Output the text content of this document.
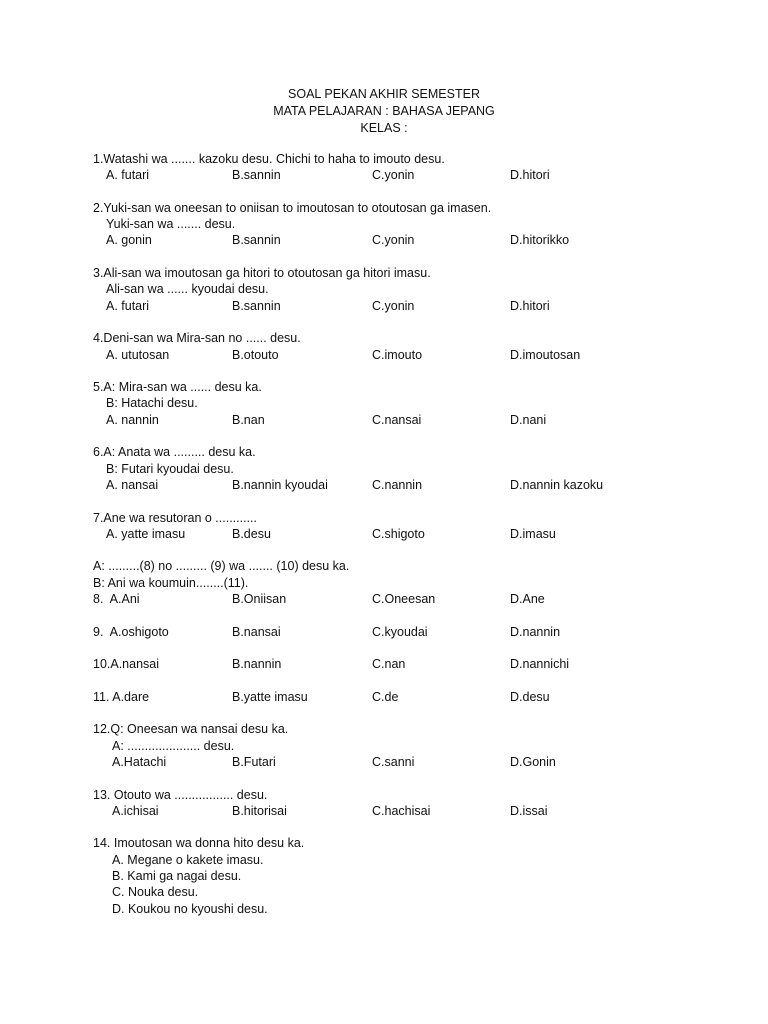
SOAL PEKAN AKHIR SEMESTER
MATA PELAJARAN : BAHASA JEPANG
KELAS :
1.Watashi wa ....... kazoku desu. Chichi to haha to imouto desu.

A. futari

	B.sannin

	C.yonin

	D.hitori

2.Yuki-san wa oneesan to oniisan to imoutosan to otoutosan ga imasen.
Yuki-san wa ....... desu.

A. gonin

	B.sannin

	C.yonin

	D.hitorikko

3.Ali-san wa imoutosan ga hitori to otoutosan ga hitori imasu.
Ali-san wa ...... kyoudai desu.

A. futari

	B.sannin

	C.yonin

	D.hitori

4.Deni-san wa Mira-san no ...... desu.

A. ututosan

	B.otouto

	C.imouto

	D.imoutosan

5.A: Mira-san wa ...... desu ka.
B: Hatachi desu.

A. nannin

	B.nan

	C.nansai

	D.nani

6.A: Anata wa ......... desu ka.
B: Futari kyoudai desu.

A. nansai

	B.nannin kyoudai

	C.nannin

	D.nannin kazoku

7.Ane wa resutoran o ............

A. yatte imasu

	B.desu

	C.shigoto

	D.imasu

A: .........(8) no ......... (9) wa ....... (10) desu ka.
B: Ani wa koumuin........(11).

8.  A.Ani

	B.Oniisan

	C.Oneesan

	D.Ane

9.  A.oshigoto

	B.nansai

	C.kyoudai

	D.nannin

10.A.nansai

	B.nannin

	C.nan

	D.nannichi

11. A.dare

	B.yatte imasu

	C.de

	D.desu

12.Q: Oneesan wa nansai desu ka.
A: ..................... desu.

A.Hatachi

	B.Futari

	C.sanni

	D.Gonin

13. Otouto wa ................. desu.

A.ichisai

	B.hitorisai

	C.hachisai

	D.issai

14. Imoutosan wa donna hito desu ka.
A. Megane o kakete imasu.
B. Kami ga nagai desu.
C. Nouka desu.
D. Koukou no kyoushi desu.
